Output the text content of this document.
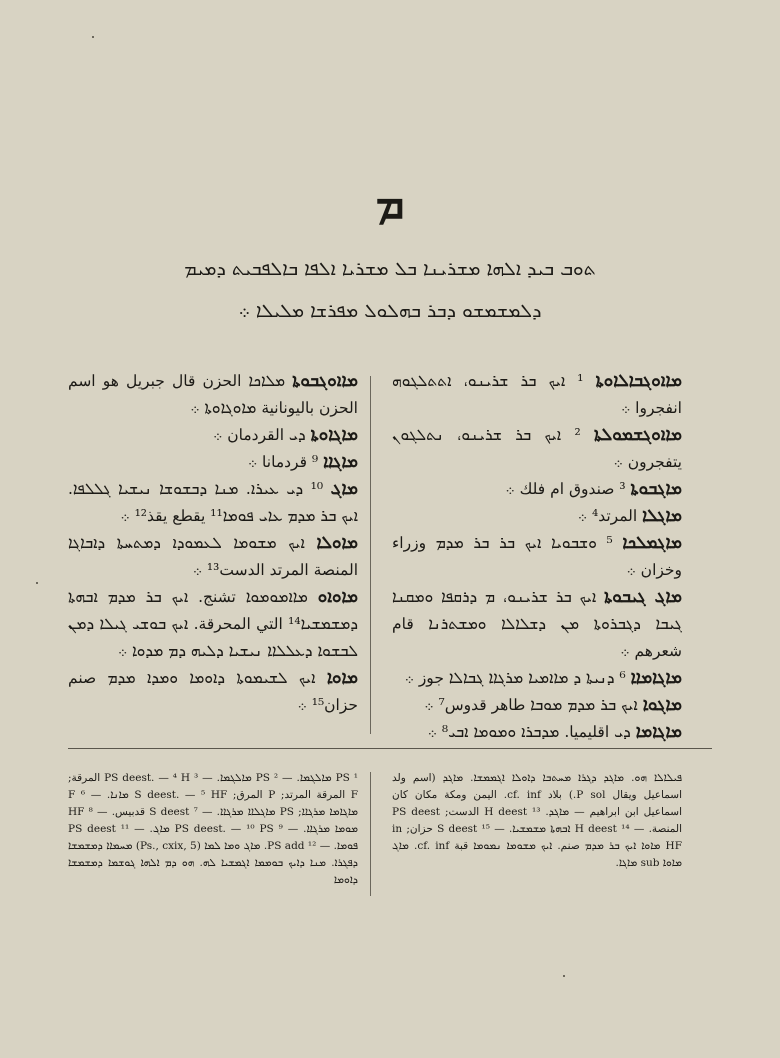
ܡ
ܬܘܒ ܒܝܕ ܐܠܗܐ ܡܫܪܝܢܐ ܒܠ ܡܫܪܝܐ ܐܠܦܐ ܒܐܠܦܒܝܬ ܕܡܝܡ
ܕܠܡܫܡܫܘ ܕܒܪ ܒܗܠܘܠ ܡܦܪܫܐ ܡܠܝܠܐ ܀

ܡܐܐܘܓܒܐܠܐܘܬܐ ¹ ܐܝܟ ܒܪ ܫܪܝܢܘ، ܐܬܬܠܓܘܗ انفجروا ܀

ܡܐܐܘܓܫܡܘܠܬܐ ² ܐܝܟ ܒܪ ܫܪܝܢܘ، ܢܬܠܓܘܢ يتفجرون ܀

ܡܐܓܒܘܬܐ ³ صندوق ام فلك ܀

ܡܐܓܠܐ المرتد⁴ ܀

ܡܐܓܡܠܟܐ ⁵ ܘܫܒܘܝܐ ܐܝܟ ܒܪ ܒܪ ܡܕܡ وزراء وخزان ܀

ܡܐܓ ܓܝܒܘܬܐ ܐܝܟ ܒܪ ܫܪܝܢܘ، ܡ ܕܪܩܦܐ ܘܡܩܢܐ ܓܝܒܐ ܕܓܒܪܘܬܐ ܡܢ ܕܫܠܐܠܐ ܘܡܫܬܪܢܐ قام شعرهم ܀

ܡܐܓܐܡܐܐ ⁶ ܕܢܝܬܐ ܕ ܡܐܐܡܝܐ ܡܪܓܐܐ ܓܒܐܠܐ جوز ܀

ܡܐܓܘܐ ܐܝܟ ܒܪ ܡܕܡ ܡܘܒܐ طاهر قدوس⁷ ܀

ܡܐܓܐܡܐ ܕܝ اقليميا. ܡܕܒܪܐ ܘܡܘܡܐ ܐܒܝ⁸ ܀

ܡܐܐܘܓܒܘܬܐ ܡܠܐܟܐ الحزن قال جبريل هو اسم الحزن باليونانية ܡܐܘܓܐܘܬܐ ܀

ܡܐܓܐܘܬܐ ܕܝ القردمان ܀

ܡܐܓܐܐ ⁹ قردمانا ܀

ܡܐܓ ¹⁰ ܕܝ ܥܝܪܐ. ܡܢܐ ܕܒܫܘܫܐ ܢܝܫܝܐ ܓܠܠܦܐ. ܐܝܟ ܒܪ ܡܕܡ ܥܐܝ ܦܘܡܐ¹¹ يقطع يقذ¹² ܀

ܡܐܘܠܐ ܐܝܟ ܡܫܘܡܐ ܠܥܡܘܕܐ ܕܡܬܚܬܐ ܕܐܒܐܓܐ المنصة المرتد الدست¹³ ܀

ܡܐܘܐܘ ܡܐܐܡܘܡܘܐ تشنج. ܐܝܟ ܒܪ ܡܕܡ ܐܒܗܬܐ ܕܡܫܡܫܝܐ¹⁴ التي المحرقة. ܐܝܟ ܒܘܫܝ ܓܝܠܐ ܕܡܢ ܠܒܫܘܐ ܕܥܠܠܐܐ ܢܝܫܝܐ ܕܠܝܗ ܕܡ ܡܕܘܐ ܀

ܡܐܘܐ ܐܝܟ ܠܫܝܡܘܬܐ ܕܐܘܡܐ ܘܡܕܐ ܡܕܡ صنم حزان¹⁵ ܀

ܦܝܠܐܠܐ ܗܘ. ܡܐܓܕ ܕܓܪܐ ܡܚܬܒܐ ܕܐܘܠܐ ܐܓܡܡܫܐ. ܡܐܓܕ (اسم ولد اسماعيل ويقال P sol.) بلاد cf. inf. اليمن ومكة مكان كان اسماعيل ابن ابراهيم — ܡܐܓܕ. ¹³ H deest الدست; PS deest المنصة. — ¹⁴ H deest ܐܒܗܬܐ ܡܫܡܫܝܐ. — ¹⁵ S deest حزان; in HF ܡܐܘܐ ܐܝܟ ܒܪ ܡܕܡ صنم. ܐܝܟ ܡܫܘܡܐ ܢܡܘܡܐ قبة cf. inf. ܡܐܓ ܡܐܘܐ sub ܡܐܓܐ.
¹ PS ܡܐܠܓܡܐ. — ² PS ܡܐܠܓܡܐ. — ³ PS deest. — ⁴ H المرقة; F المرقة المرتد; P المرق; S deest. — ⁵ HF ܡܐܢܐ. — ⁶ F ܡܐܓܐܡܐ ܡܪܓܐܐ; PS ܡܐܓܠܐܐ ܡܪܓܐܐ. — ⁷ S deest قدبيس. — ⁸ HF ܡܘܡܐ ܡܪܓܐܐ. — ⁹ PS deest. — ¹⁰ PS ܡܐܓ. — ¹¹ PS deest ܦܘܡܐ. — ¹² PS add. ܡܐܓ ܘܡܐ ܠܡܐ (Ps., cxix, 5) ܡܚܡܐܐ ܕܡܫܡܫܐ ܕܦܓܪܐ. ܡܢܐ ܕܐܝܟ ܒܘܡܡܐ ܐܓܡܫܝܐ ܠܗ. ܗܘ ܕܡ ܐܠܗܐ ܓܘܫܡܐ ܕܡܫܡܫܐ ܕܐܘܡܐ
